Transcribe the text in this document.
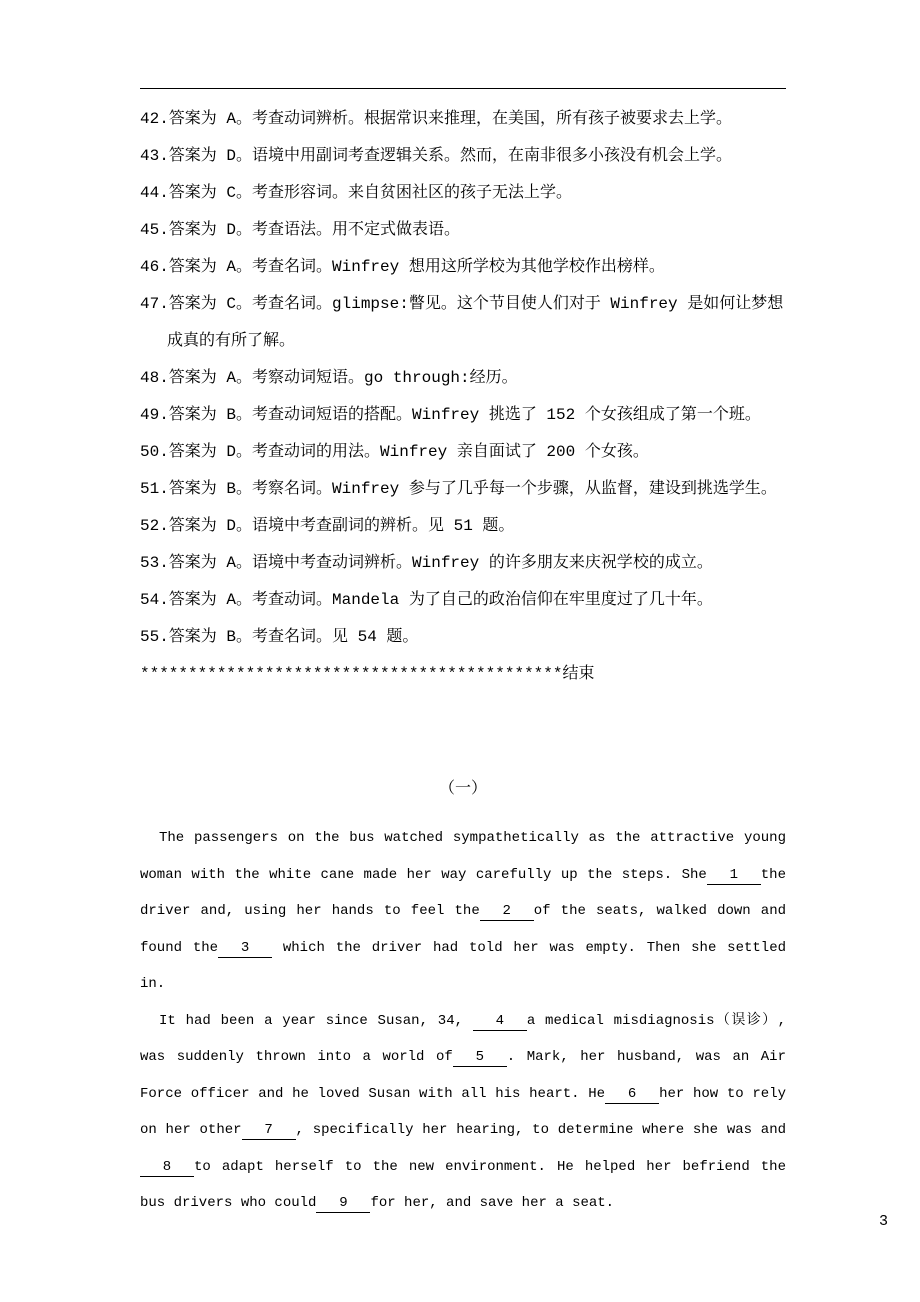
42.答案为 A。考查动词辨析。根据常识来推理，在美国，所有孩子被要求去上学。
43.答案为 D。语境中用副词考查逻辑关系。然而，在南非很多小孩没有机会上学。
44.答案为 C。考查形容词。来自贫困社区的孩子无法上学。
45.答案为 D。考查语法。用不定式做表语。
46.答案为 A。考查名词。Winfrey 想用这所学校为其他学校作出榜样。
47.答案为 C。考查名词。glimpse:瞥见。这个节目使人们对于 Winfrey 是如何让梦想成真的有所了解。
48.答案为 A。考察动词短语。go through:经历。
49.答案为 B。考查动词短语的搭配。Winfrey 挑选了 152 个女孩组成了第一个班。
50.答案为 D。考查动词的用法。Winfrey 亲自面试了 200 个女孩。
51.答案为 B。考察名词。Winfrey 参与了几乎每一个步骤，从监督，建设到挑选学生。
52.答案为 D。语境中考查副词的辨析。见 51 题。
53.答案为 A。语境中考查动词辨析。Winfrey 的许多朋友来庆祝学校的成立。
54.答案为 A。考查动词。Mandela 为了自己的政治信仰在牢里度过了几十年。
55.答案为 B。考查名词。见 54 题。
********************************************结束
（一）

The passengers on the bus watched sympathetically as the attractive young woman with the white cane made her way carefully up the steps. She 1 the driver and, using her hands to feel the 2 of the seats, walked down and found the 3 which the driver had told her was empty. Then she settled in.

It had been a year since Susan, 34, 4 a medical misdiagnosis（误诊）, was suddenly thrown into a world of 5 . Mark, her husband, was an Air Force officer and he loved Susan with all his heart. He 6 her how to rely on her other 7 , specifically her hearing, to determine where she was and8 to adapt herself to the new environment. He helped her befriend the bus drivers who could 9 for her, and save her a seat.

3
